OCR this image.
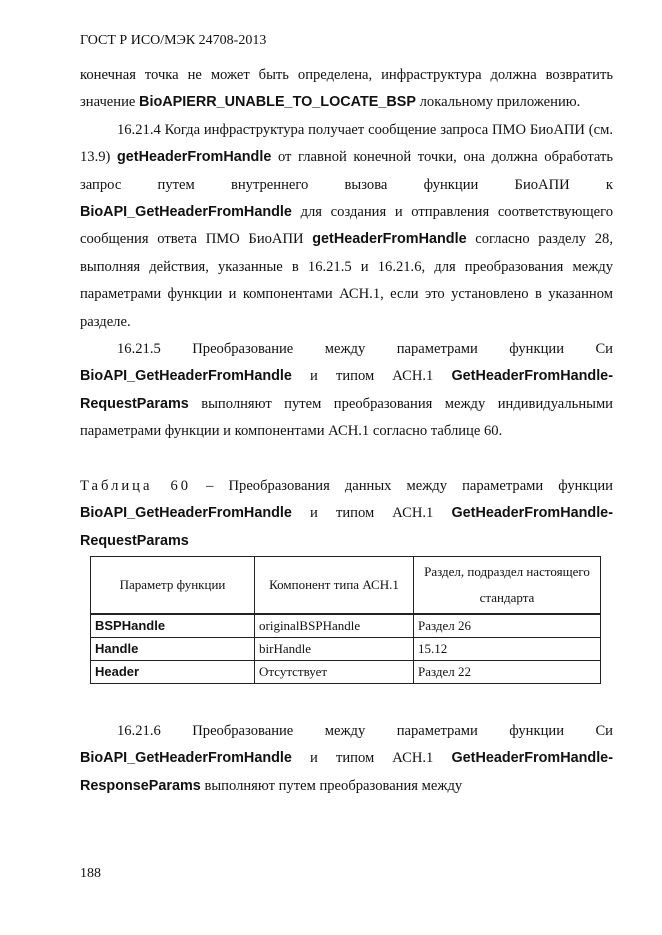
ГОСТ Р ИСО/МЭК 24708-2013

конечная точка не может быть определена, инфраструктура должна возвратить значение BioAPIERR_UNABLE_TO_LOCATE_BSP локальному приложению.

16.21.4 Когда инфраструктура получает сообщение запроса ПМО БиоАПИ (см. 13.9) getHeaderFromHandle от главной конечной точки, она должна обработать запрос путем внутреннего вызова функции БиоАПИ к BioAPI_GetHeaderFromHandle для создания и отправления соответствующего сообщения ответа ПМО БиоАПИ getHeaderFromHandle согласно разделу 28, выполняя действия, указанные в 16.21.5 и 16.21.6, для преобразования между параметрами функции и компонентами АСН.1, если это установлено в указанном разделе.

16.21.5 Преобразование между параметрами функции Си BioAPI_GetHeaderFromHandle и типом АСН.1 GetHeaderFromHandle-RequestParams выполняют путем преобразования между индивидуальными параметрами функции и компонентами АСН.1 согласно таблице 60.

Таблица 60 – Преобразования данных между параметрами функции BioAPI_GetHeaderFromHandle и типом АСН.1 GetHeaderFromHandle-RequestParams

Параметр функции	Компонент типа АСН.1	Раздел, подраздел настоящего стандарта
BSPHandle	originalBSPHandle	Раздел 26
Handle	birHandle	15.12
Header	Отсутствует	Раздел 22

16.21.6 Преобразование между параметрами функции Си BioAPI_GetHeaderFromHandle и типом АСН.1 GetHeaderFromHandle-ResponseParams выполняют путем преобразования между

188
